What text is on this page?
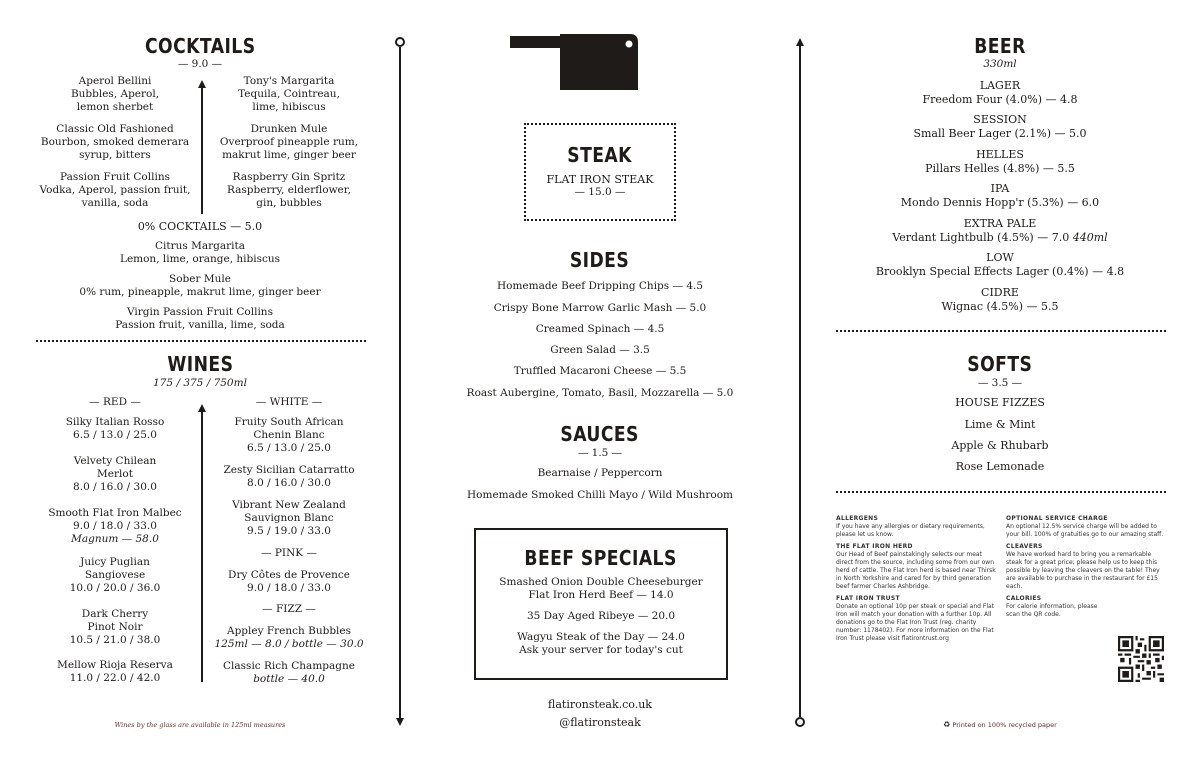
COCKTAILS
— 9.0 —
Aperol Bellini
Bubbles, Aperol,
lemon sherbet
Classic Old Fashioned
Bourbon, smoked demerara
syrup, bitters
Passion Fruit Collins
Vodka, Aperol, passion fruit,
vanilla, soda
Tony's Margarita
Tequila, Cointreau,
lime, hibiscus
Drunken Mule
Overproof pineapple rum,
makrut lime, ginger beer
Raspberry Gin Spritz
Raspberry, elderflower,
gin, bubbles
0% COCKTAILS — 5.0
Citrus Margarita
Lemon, lime, orange, hibiscus
Sober Mule
0% rum, pineapple, makrut lime, ginger beer
Virgin Passion Fruit Collins
Passion fruit, vanilla, lime, soda
WINES
175 / 375 / 750ml
— RED —	— WHITE —
Silky Italian Rosso
6.5 / 13.0 / 25.0
Velvety Chilean
Merlot
8.0 / 16.0 / 30.0
Smooth Flat Iron Malbec
9.0 / 18.0 / 33.0
Magnum — 58.0
Juicy Puglian
Sangiovese
10.0 / 20.0 / 36.0
Dark Cherry
Pinot Noir
10.5 / 21.0 / 38.0
Mellow Rioja Reserva
11.0 / 22.0 / 42.0
Fruity South African
Chenin Blanc
6.5 / 13.0 / 25.0
Zesty Sicilian Catarratto
8.0 / 16.0 / 30.0
Vibrant New Zealand
Sauvignon Blanc
9.5 / 19.0 / 33.0
— PINK —
Dry Côtes de Provence
9.0 / 18.0 / 33.0
— FIZZ —
Appley French Bubbles
125ml — 8.0 / bottle — 30.0
Classic Rich Champagne
bottle — 40.0
Wines by the glass are available in 125ml measures
STEAK
FLAT IRON STEAK
— 15.0 —
SIDES
Homemade Beef Dripping Chips — 4.5
Crispy Bone Marrow Garlic Mash — 5.0
Creamed Spinach — 4.5
Green Salad — 3.5
Truffled Macaroni Cheese — 5.5
Roast Aubergine, Tomato, Basil, Mozzarella — 5.0
SAUCES
— 1.5 —
Bearnaise / Peppercorn
Homemade Smoked Chilli Mayo / Wild Mushroom
BEEF SPECIALS
Smashed Onion Double Cheeseburger
Flat Iron Herd Beef — 14.0
35 Day Aged Ribeye — 20.0
Wagyu Steak of the Day — 24.0
Ask your server for today's cut
flatironsteak.co.uk
@flatironsteak
BEER
330ml
LAGER
Freedom Four (4.0%) — 4.8
SESSION
Small Beer Lager (2.1%) — 5.0
HELLES
Pillars Helles (4.8%) — 5.5
IPA
Mondo Dennis Hopp'r (5.3%) — 6.0
EXTRA PALE
Verdant Lightbulb (4.5%) — 7.0 440ml
LOW
Brooklyn Special Effects Lager (0.4%) — 4.8
CIDRE
Wignac (4.5%) — 5.5
SOFTS
— 3.5 —
HOUSE FIZZES
Lime & Mint
Apple & Rhubarb
Rose Lemonade
ALLERGENS
If you have any allergies or dietary requirements, please let us know.
THE FLAT IRON HERD
Our Head of Beef painstakingly selects our meat direct from the source, including some from our own herd of cattle. The Flat Iron herd is based near Thirsk in North Yorkshire and cared for by third generation beef farmer Charles Ashbridge.
FLAT IRON TRUST
Donate an optional 10p per steak or special and Flat Iron will match your donation with a further 10p. All donations go to the Flat Iron Trust (reg. charity number: 1178402). For more information on the Flat Iron Trust please visit flatirontrust.org
OPTIONAL SERVICE CHARGE
An optional 12.5% service charge will be added to your bill. 100% of gratuities go to our amazing staff.
CLEAVERS
We have worked hard to bring you a remarkable steak for a great price; please help us to keep this possible by leaving the cleavers on the table! They are available to purchase in the restaurant for £15 each.
CALORIES
For calorie information, please scan the QR code.
♻ Printed on 100% recycled paper
